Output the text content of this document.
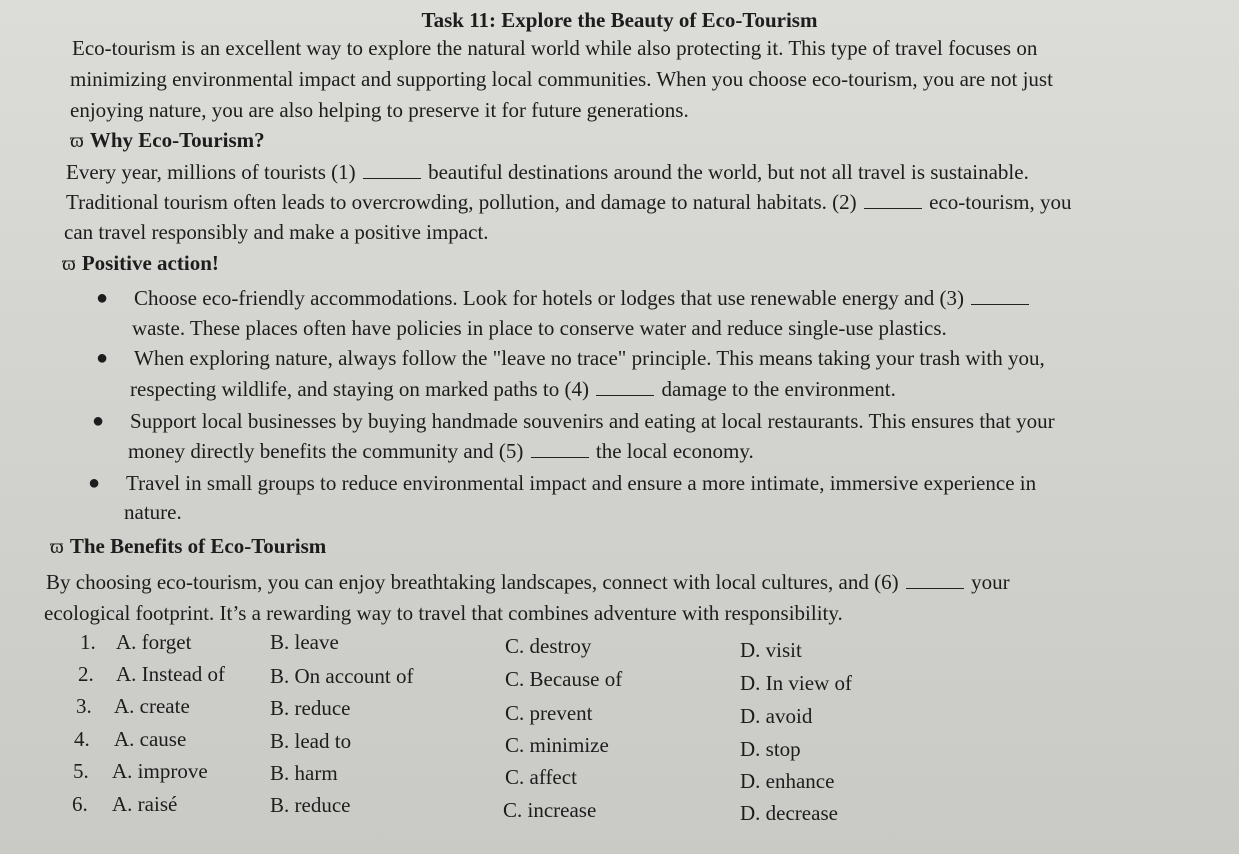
Task 11: Explore the Beauty of Eco-Tourism
Eco-tourism is an excellent way to explore the natural world while also protecting it. This type of travel focuses on
minimizing environmental impact and supporting local communities. When you choose eco-tourism, you are not just
enjoying nature, you are also helping to preserve it for future generations.
ϖ Why Eco-Tourism?
Every year, millions of tourists (1)	beautiful destinations around the world, but not all travel is sustainable.
Traditional tourism often leads to overcrowding, pollution, and damage to natural habitats. (2)	eco-tourism, you
can travel responsibly and make a positive impact.
ϖ Positive action!
● Choose eco-friendly accommodations. Look for hotels or lodges that use renewable energy and (3)
waste. These places often have policies in place to conserve water and reduce single-use plastics.
● When exploring nature, always follow the "leave no trace" principle. This means taking your trash with you,
respecting wildlife, and staying on marked paths to (4)	damage to the environment.
● Support local businesses by buying handmade souvenirs and eating at local restaurants. This ensures that your
money directly benefits the community and (5)	the local economy.
● Travel in small groups to reduce environmental impact and ensure a more intimate, immersive experience in
nature.
ϖ The Benefits of Eco-Tourism
By choosing eco-tourism, you can enjoy breathtaking landscapes, connect with local cultures, and (6)	your
ecological footprint. It’s a rewarding way to travel that combines adventure with responsibility.
1. A. forget	B. leave	C. destroy	D. visit
2. A. Instead of B. On account of	C. Because of	D. In view of
3. A. create	B. reduce	C. prevent	D. avoid
4. A. cause	B. lead to	C. minimize	D. stop
5. A. improve	B. harm	C. affect	D. enhance
6. A. raisé	B. reduce	C. increase	D. decrease
